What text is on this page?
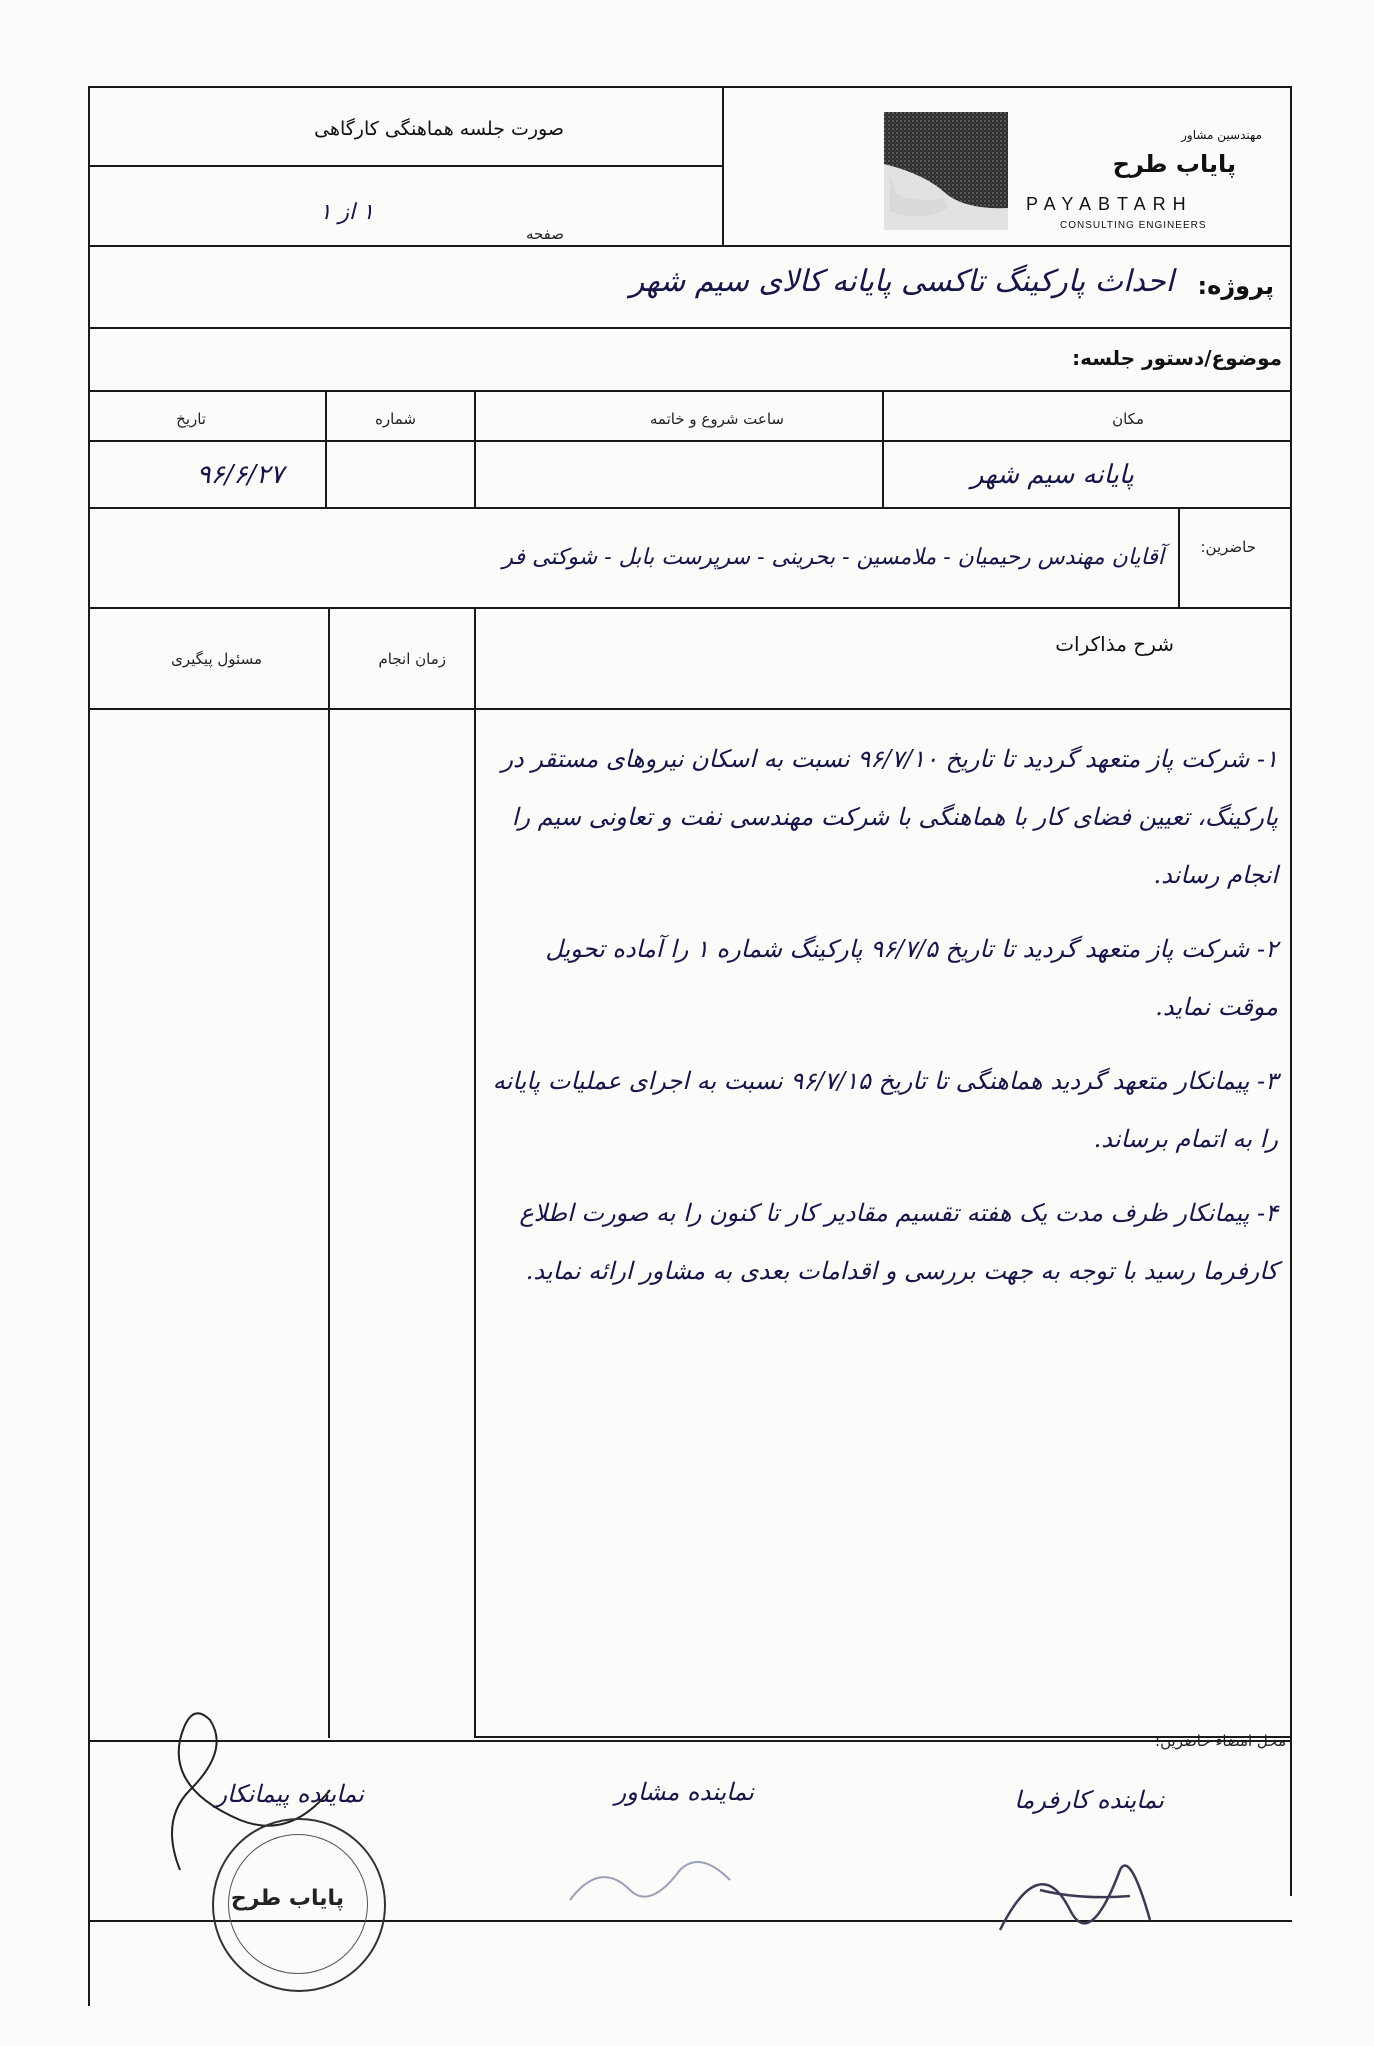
صورت جلسه هماهنگی کارگاهی
صفحه
۱ از ۱
مهندسین مشاور
پایاب طرح
PAYABTARH
CONSULTING ENGINEERS
پروژه:
احداث پارکینگ تاکسی پایانه کالای سیم شهر
موضوع/دستور جلسه:
مکان
ساعت شروع و خاتمه
شماره
تاریخ
پایانه سیم شهر
۹۶/۶/۲۷
حاضرین:
آقایان مهندس رحیمیان - ملامسین - بحرینی - سرپرست بابل - شوکتی فر
شرح مذاکرات
زمان انجام
مسئول پیگیری
۱- شرکت پاز متعهد گردید تا تاریخ ۹۶/۷/۱۰ نسبت به اسکان نیروهای مستقر در پارکینگ، تعیین فضای کار با هماهنگی با شرکت مهندسی نفت و تعاونی سیم را انجام رساند.
۲- شرکت پاز متعهد گردید تا تاریخ ۹۶/۷/۵ پارکینگ شماره ۱ را آماده تحویل موقت نماید.
۳- پیمانکار متعهد گردید هماهنگی تا تاریخ ۹۶/۷/۱۵ نسبت به اجرای عملیات پایانه را به اتمام برساند.
۴- پیمانکار ظرف مدت یک هفته تقسیم مقادیر کار تا کنون را به صورت اطلاع کارفرما رسید با توجه به جهت بررسی و اقدامات بعدی به مشاور ارائه نماید.
محل امضاء حاضرین:
نماینده کارفرما
نماینده مشاور
نماینده پیمانکار
پایاب طرح
